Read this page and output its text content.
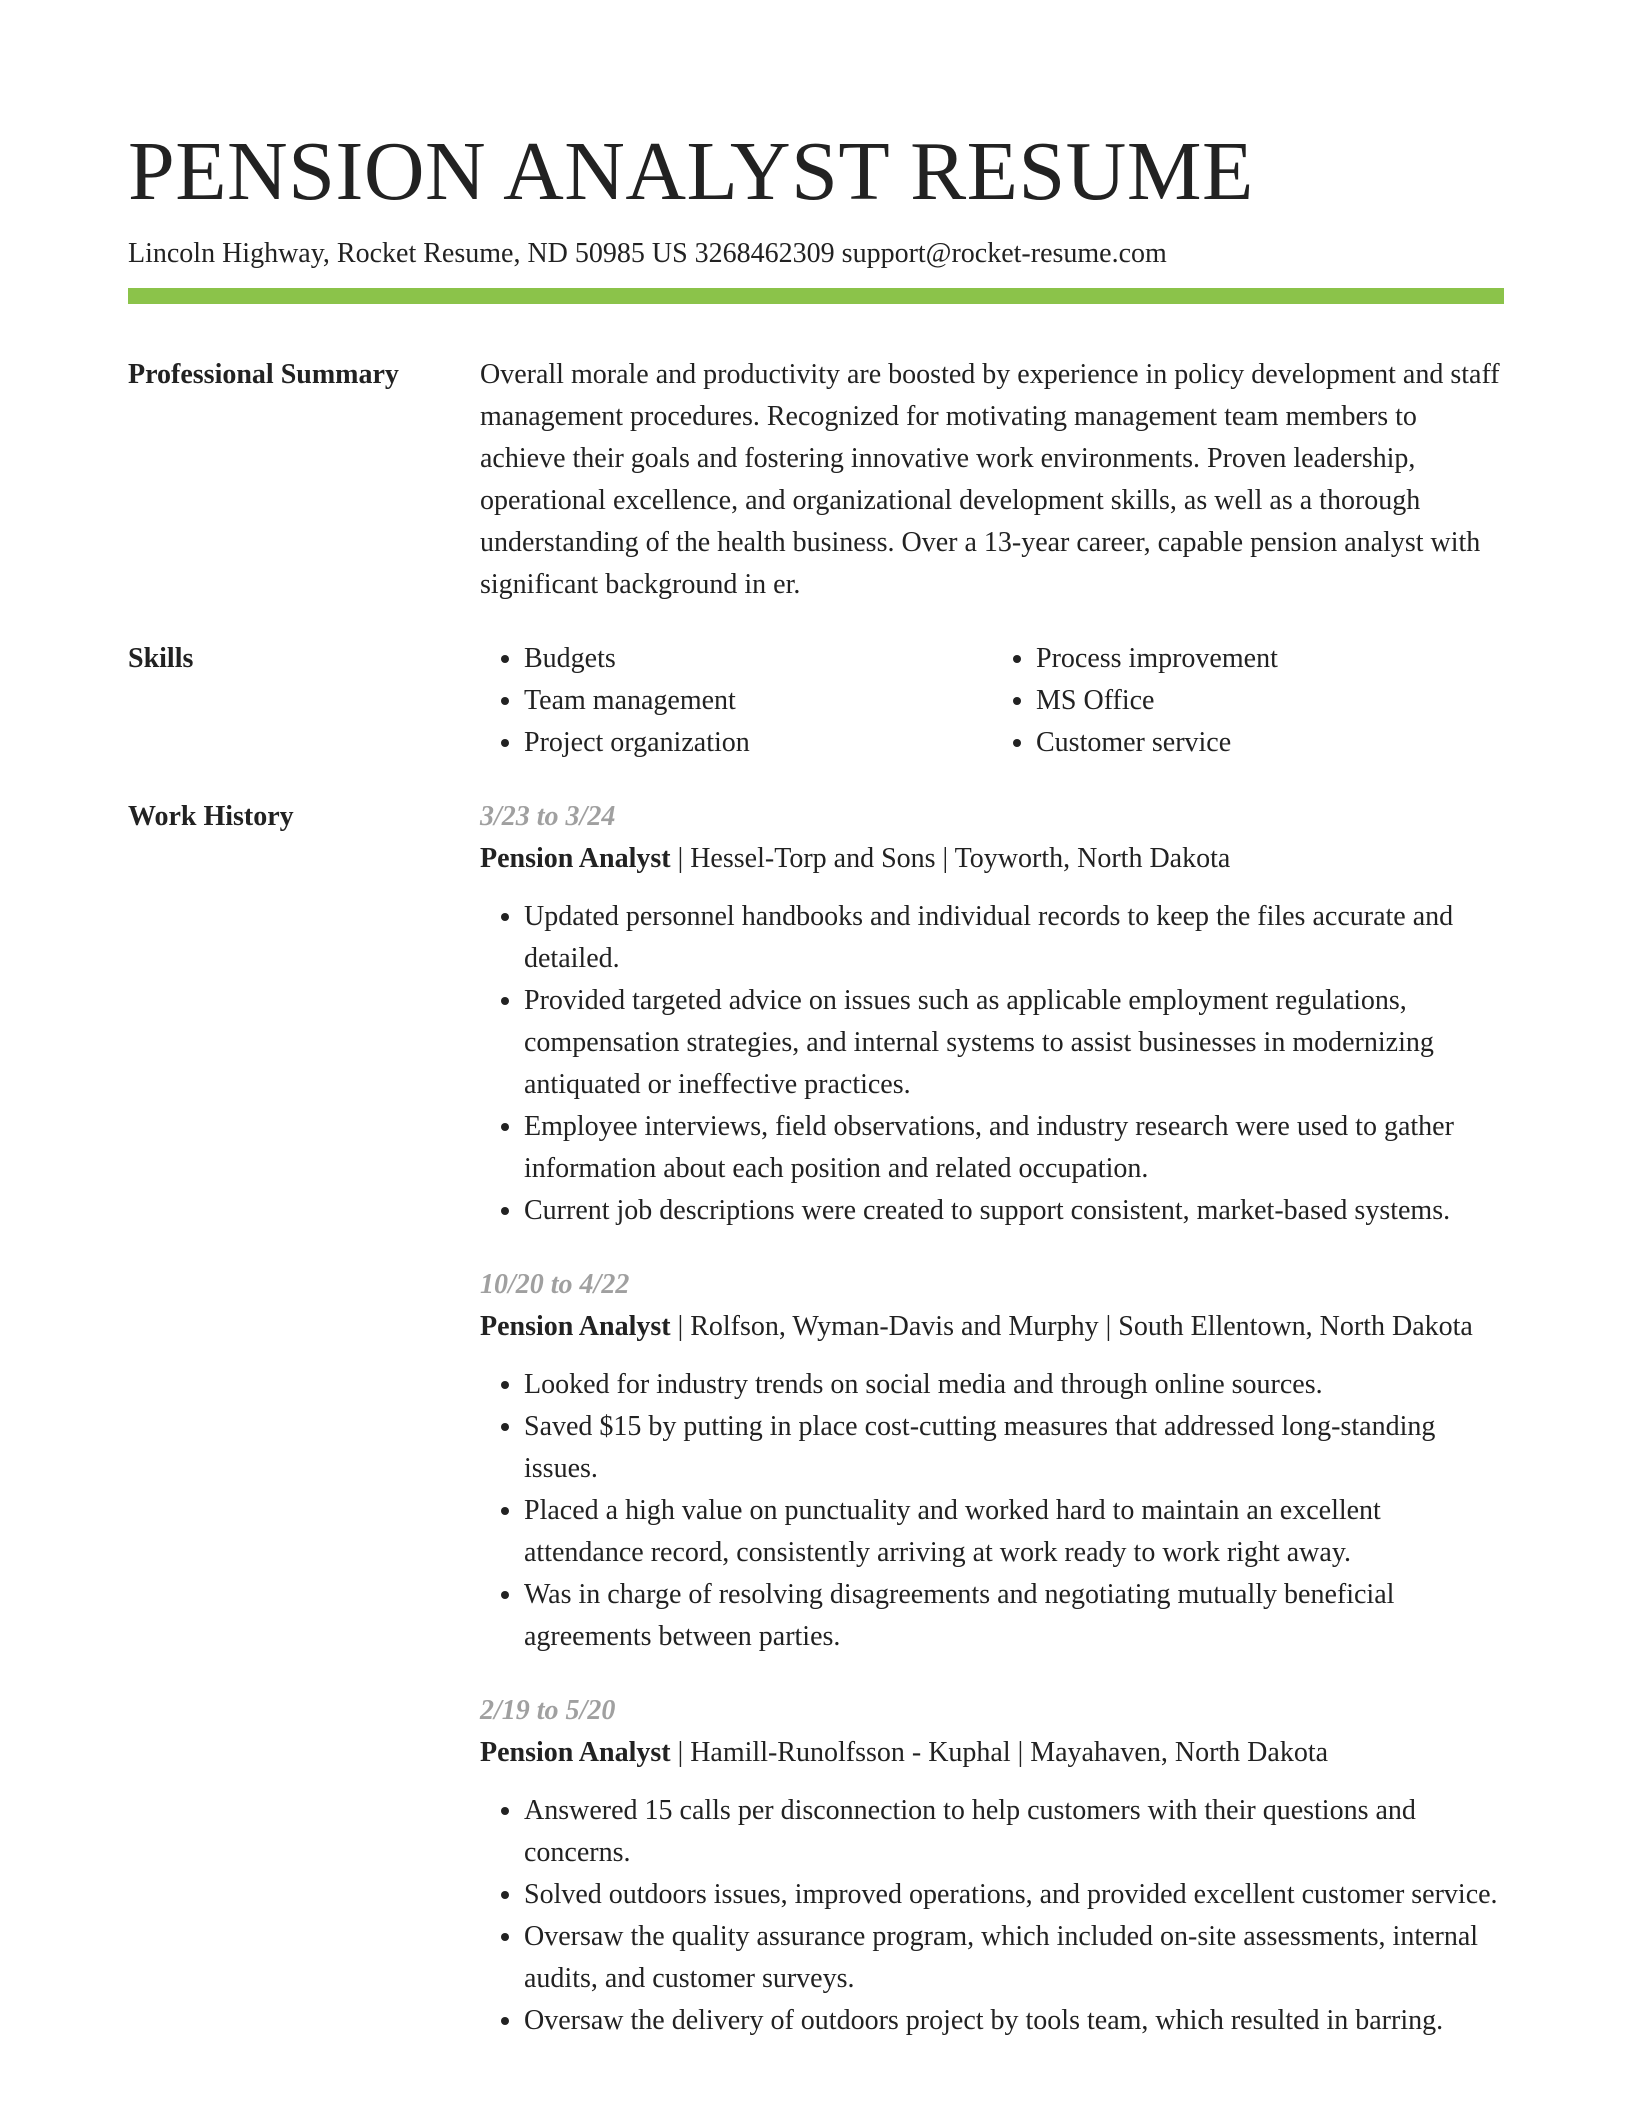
PENSION ANALYST RESUME
Lincoln Highway, Rocket Resume, ND 50985 US 3268462309 support@rocket-resume.com
Professional Summary	Overall morale and productivity are boosted by experience in policy development and staff management procedures. Recognized for motivating management team members to achieve their goals and fostering innovative work environments. Proven leadership, operational excellence, and organizational development skills, as well as a thorough understanding of the health business. Over a 13-year career, capable pension analyst with significant background in er.

Skills
•	Budgets
• Team management
• Project organization
• Process improvement
• MS Office
• Customer service
Work History	3/23 to 3/24
Pension Analyst | Hessel-Torp and Sons | Toyworth, North Dakota
• Updated personnel handbooks and individual records to keep the files accurate and detailed.
• Provided targeted advice on issues such as applicable employment regulations, compensation strategies, and internal systems to assist businesses in modernizing antiquated or ineffective practices.
• Employee interviews, field observations, and industry research were used to gather information about each position and related occupation.
• Current job descriptions were created to support consistent, market-based systems.
10/20 to 4/22
Pension Analyst | Rolfson, Wyman-Davis and Murphy | South Ellentown, North Dakota
• Looked for industry trends on social media and through online sources.
• Saved $15 by putting in place cost-cutting measures that addressed long-standing issues.
• Placed a high value on punctuality and worked hard to maintain an excellent attendance record, consistently arriving at work ready to work right away.
• Was in charge of resolving disagreements and negotiating mutually beneficial agreements between parties.
2/19 to 5/20
Pension Analyst | Hamill-Runolfsson - Kuphal | Mayahaven, North Dakota
• Answered 15 calls per disconnection to help customers with their questions and concerns.
• Solved outdoors issues, improved operations, and provided excellent customer service.
• Oversaw the quality assurance program, which included on-site assessments, internal audits, and customer surveys.
• Oversaw the delivery of outdoors project by tools team, which resulted in barring.
